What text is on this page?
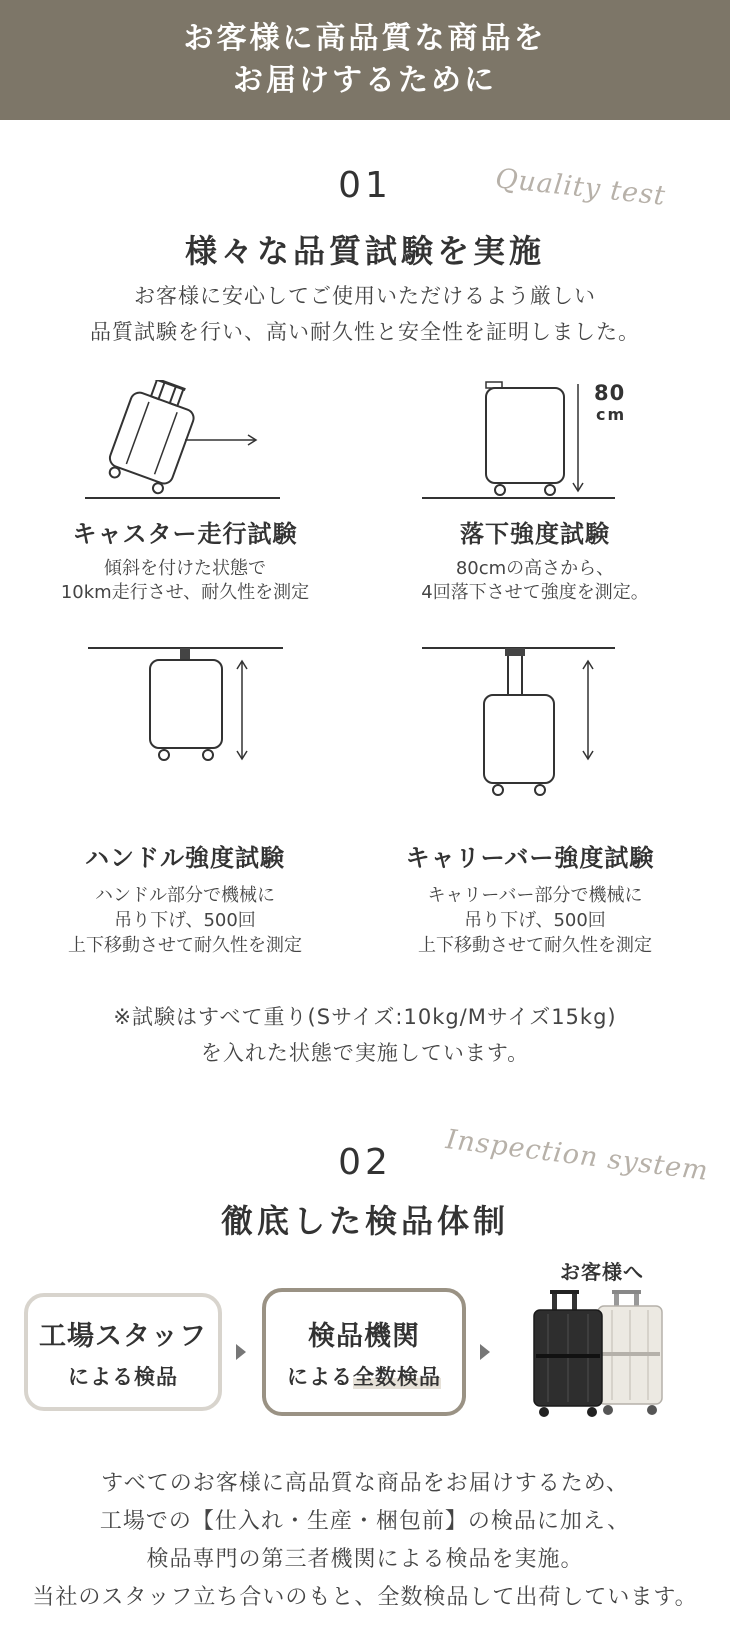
お客様に高品質な商品を
お届けするために
01	Quality test
様々な品質試験を実施
お客様に安心してご使用いただけるよう厳しい
品質試験を行い、高い耐久性と安全性を証明しました。
キャスター走行試験
傾斜を付けた状態で
10km走行させ、耐久性を測定
80
cm
落下強度試験
80cmの高さから、
4回落下させて強度を測定。
ハンドル強度試験
ハンドル部分で機械に
吊り下げ、500回
上下移動させて耐久性を測定
キャリーバー強度試験
キャリーバー部分で機械に
吊り下げ、500回
上下移動させて耐久性を測定
※試験はすべて重り(Sサイズ:10kg/Mサイズ15kg)
を入れた状態で実施しています。
02	Inspection system
徹底した検品体制
工場スタッフ
による検品
検品機関
による全数検品
お客様へ
すべてのお客様に高品質な商品をお届けするため、
工場での【仕入れ・生産・梱包前】の検品に加え、
検品専門の第三者機関による検品を実施。
当社のスタッフ立ち合いのもと、全数検品して出荷しています。
